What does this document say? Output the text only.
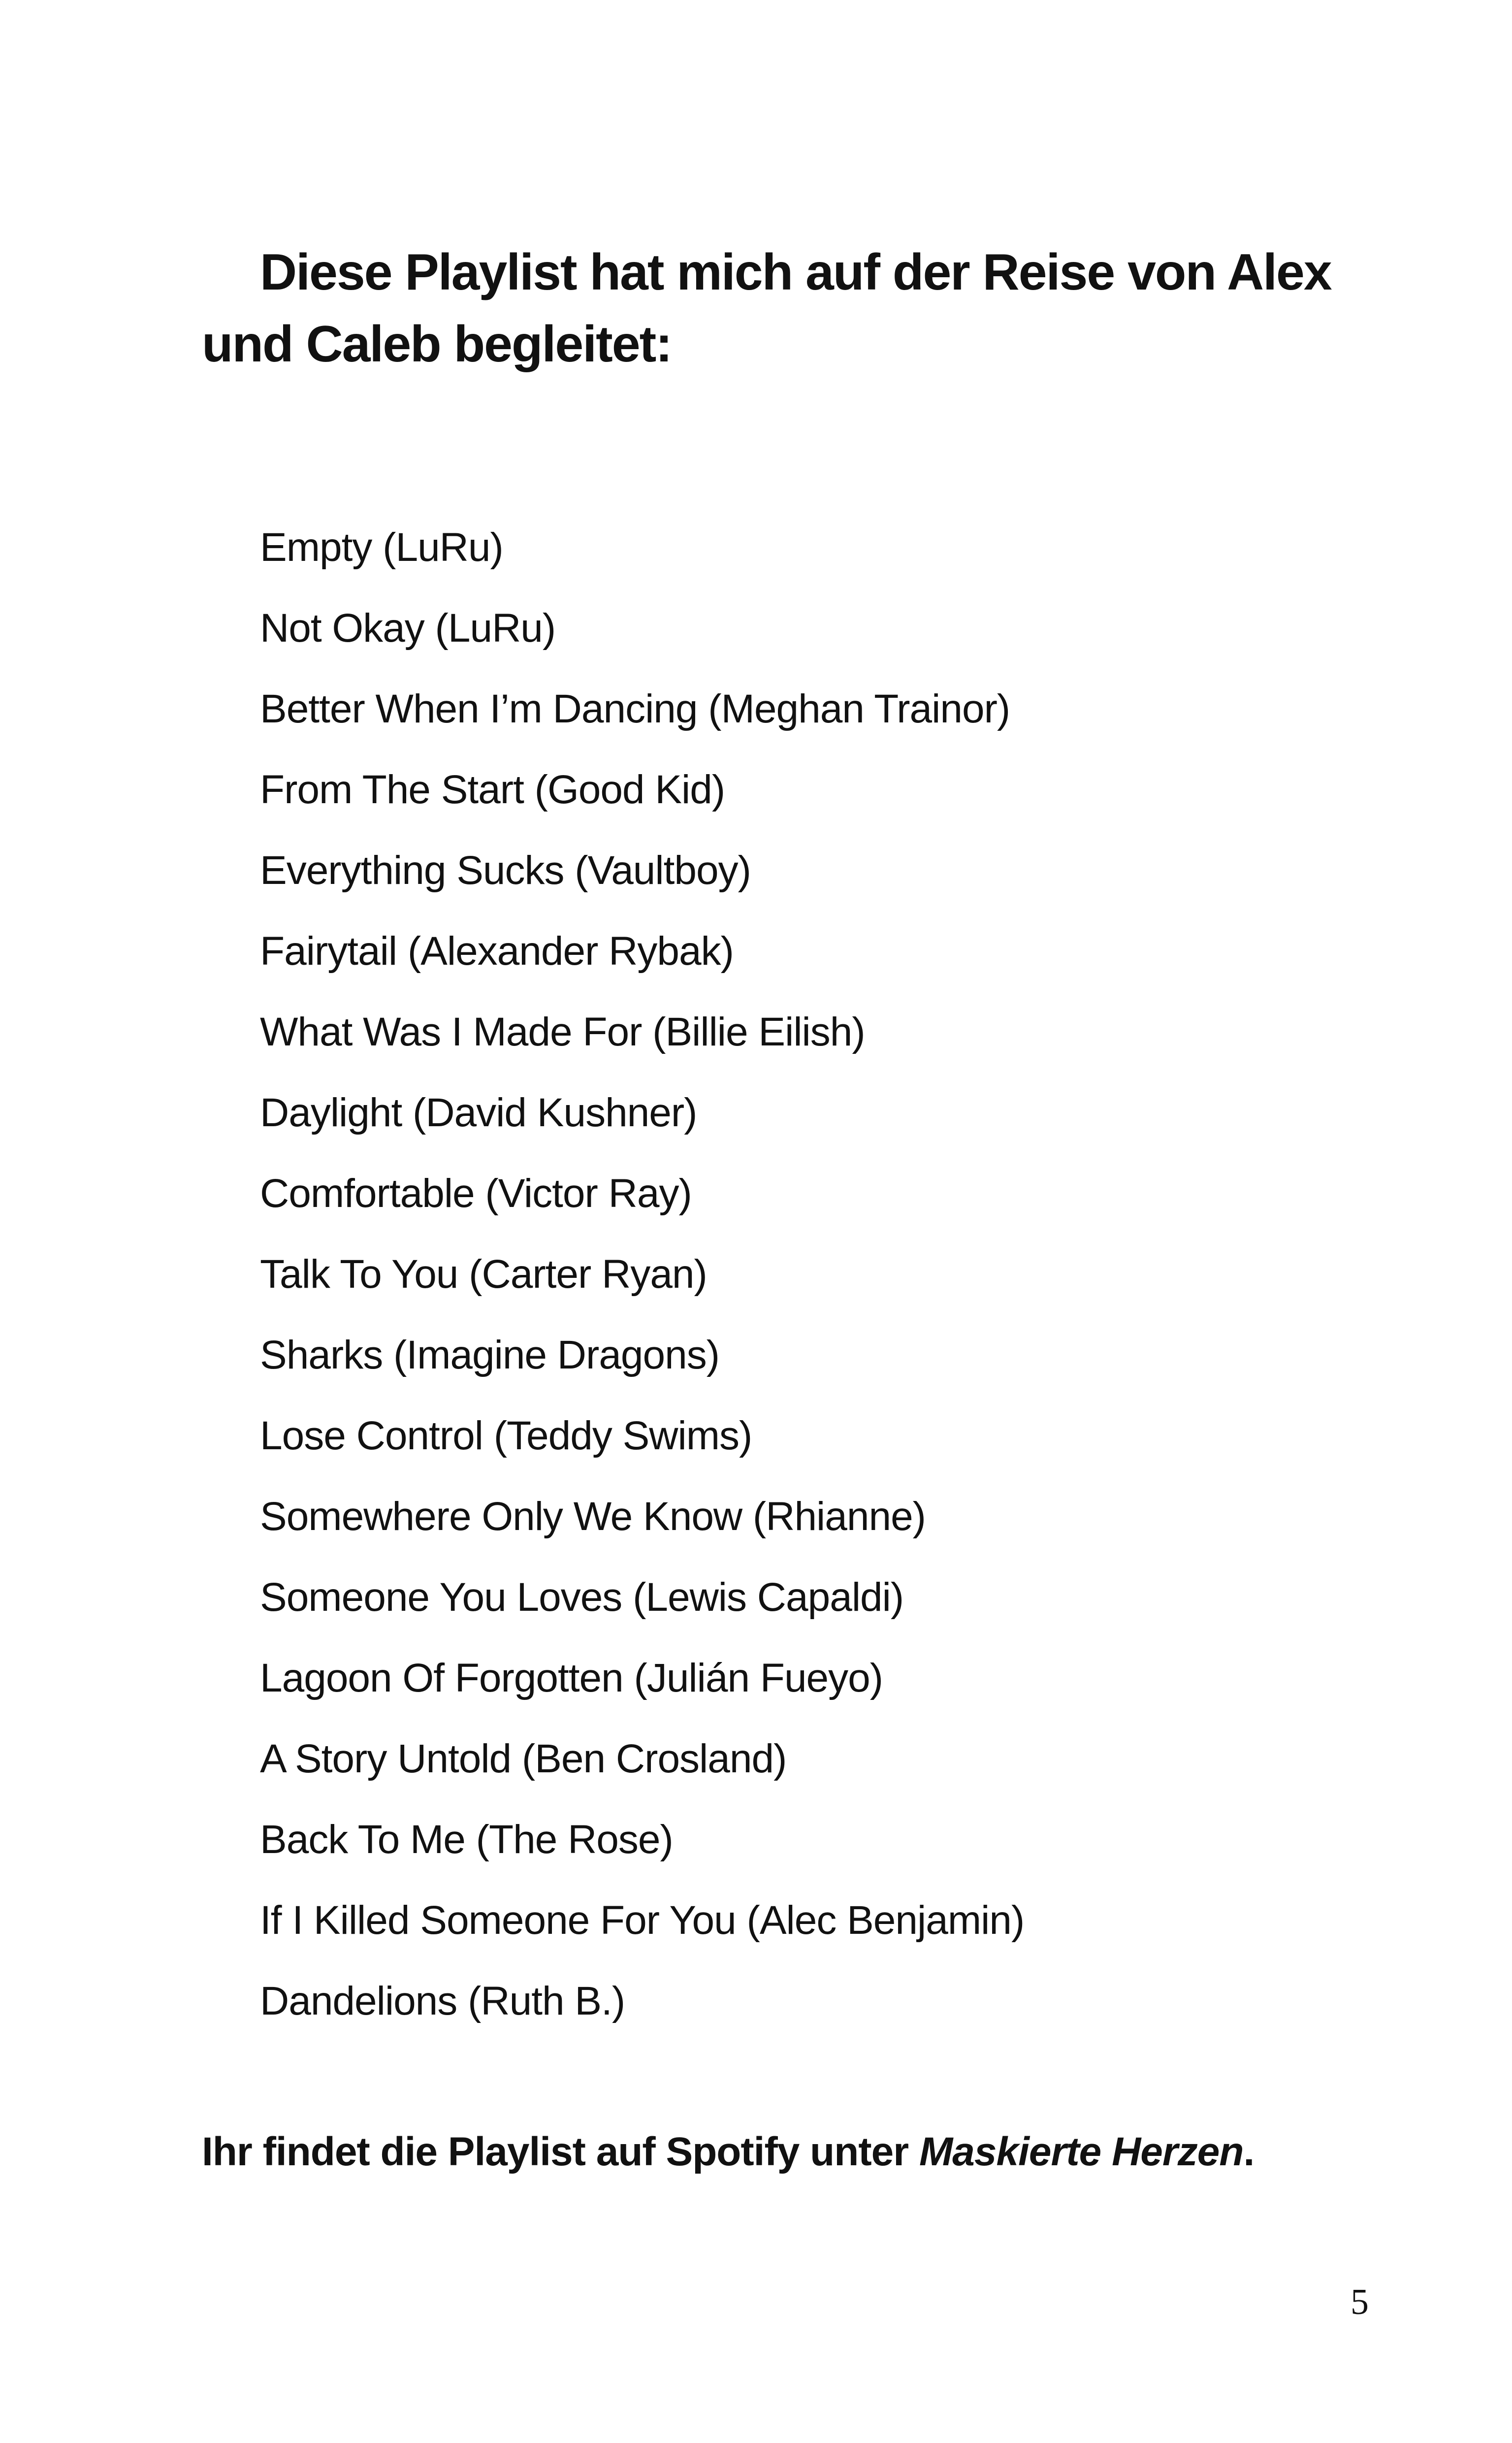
Diese Playlist hat mich auf der Reise von Alex und Caleb begleitet:
Empty (LuRu)
Not Okay (LuRu)
Better When I’m Dancing (Meghan Trainor)
From The Start (Good Kid)
Everything Sucks (Vaultboy)
Fairytail (Alexander Rybak)
What Was I Made For (Billie Eilish)
Daylight (David Kushner)
Comfortable (Victor Ray)
Talk To You (Carter Ryan)
Sharks (Imagine Dragons)
Lose Control (Teddy Swims)
Somewhere Only We Know (Rhianne)
Someone You Loves (Lewis Capaldi)
Lagoon Of Forgotten (Julián Fueyo)
A Story Untold (Ben Crosland)
Back To Me (The Rose)
If I Killed Someone For You (Alec Benjamin)
Dandelions (Ruth B.)

Ihr findet die Playlist auf Spotify unter Maskierte Herzen.

5
